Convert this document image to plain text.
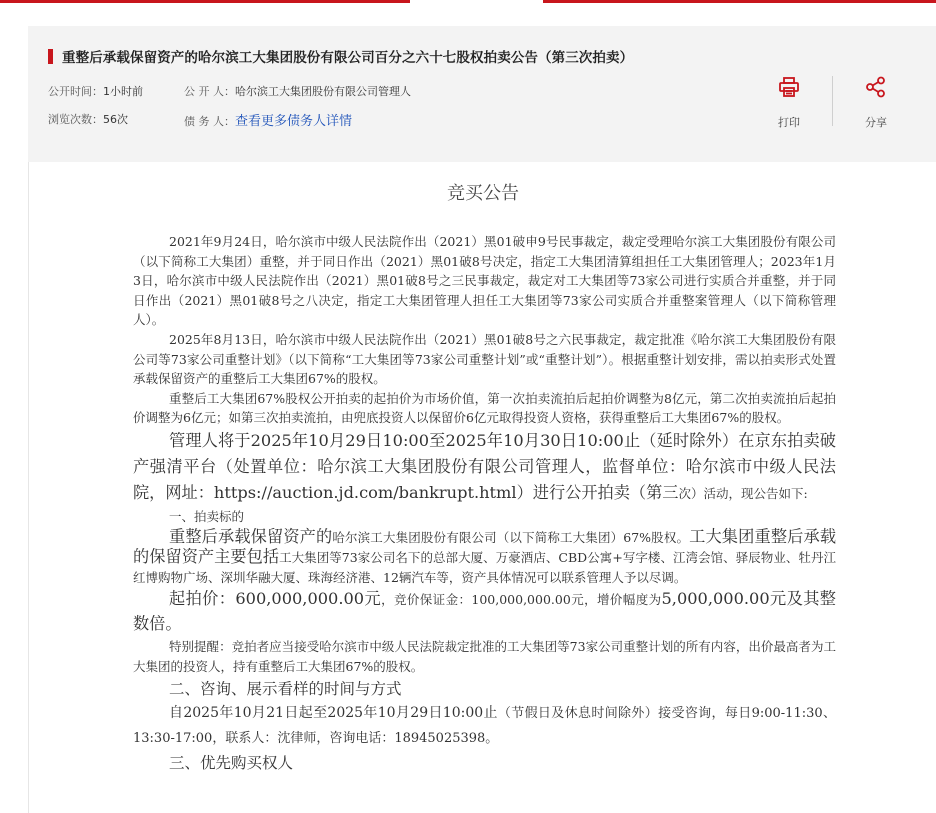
重整后承载保留资产的哈尔滨工大集团股份有限公司百分之六十七股权拍卖公告（第三次拍卖）
公开时间：1小时前	公 开 人：哈尔滨工大集团股份有限公司管理人
浏览次数：56次	债 务 人：查看更多债务人详情	打印	分享
竞买公告

2021年9月24日，哈尔滨市中级人民法院作出（2021）黑01破申9号民事裁定，裁定受理哈尔滨工大集团股份有限公司（以下简称工大集团）重整，并于同日作出（2021）黑01破8号决定，指定工大集团清算组担任工大集团管理人；2023年1月3日，哈尔滨市中级人民法院作出（2021）黑01破8号之三民事裁定，裁定对工大集团等73家公司进行实质合并重整，并于同日作出（2021）黑01破8号之八决定，指定工大集团管理人担任工大集团等73家公司实质合并重整案管理人（以下简称管理人）。

2025年8月13日，哈尔滨市中级人民法院作出（2021）黑01破8号之六民事裁定，裁定批准《哈尔滨工大集团股份有限公司等73家公司重整计划》（以下简称“工大集团等73家公司重整计划”或“重整计划”）。根据重整计划安排，需以拍卖形式处置承载保留资产的重整后工大集团67%的股权。

重整后工大集团67%股权公开拍卖的起拍价为市场价值，第一次拍卖流拍后起拍价调整为8亿元，第二次拍卖流拍后起拍价调整为6亿元；如第三次拍卖流拍，由兜底投资人以保留价6亿元取得投资人资格，获得重整后工大集团67%的股权。

管理人将于2025年10月29日10:00至2025年10月30日10:00止（延时除外）在京东拍卖破产强清平台（处置单位：哈尔滨工大集团股份有限公司管理人，监督单位：哈尔滨市中级人民法院，网址：https://auction.jd.com/bankrupt.html）进行公开拍卖（第三次）活动，现公告如下:

一、拍卖标的

重整后承载保留资产的哈尔滨工大集团股份有限公司（以下简称工大集团）67%股权。工大集团重整后承载的保留资产主要包括工大集团等73家公司名下的总部大厦、万豪酒店、CBD公寓+写字楼、江湾会馆、驿辰物业、牡丹江红博购物广场、深圳华融大厦、珠海经济港、12辆汽车等，资产具体情况可以联系管理人予以尽调。

起拍价：600,000,000.00元，竞价保证金：100,000,000.00元，增价幅度为5,000,000.00元及其整数倍。

特别提醒：竞拍者应当接受哈尔滨市中级人民法院裁定批准的工大集团等73家公司重整计划的所有内容，出价最高者为工大集团的投资人，持有重整后工大集团67%的股权。

二、咨询、展示看样的时间与方式

自2025年10月21日起至2025年10月29日10:00止（节假日及休息时间除外）接受咨询，每日9:00-11:30、13:30-17:00，联系人：沈律师，咨询电话：18945025398。

三、优先购买权人
